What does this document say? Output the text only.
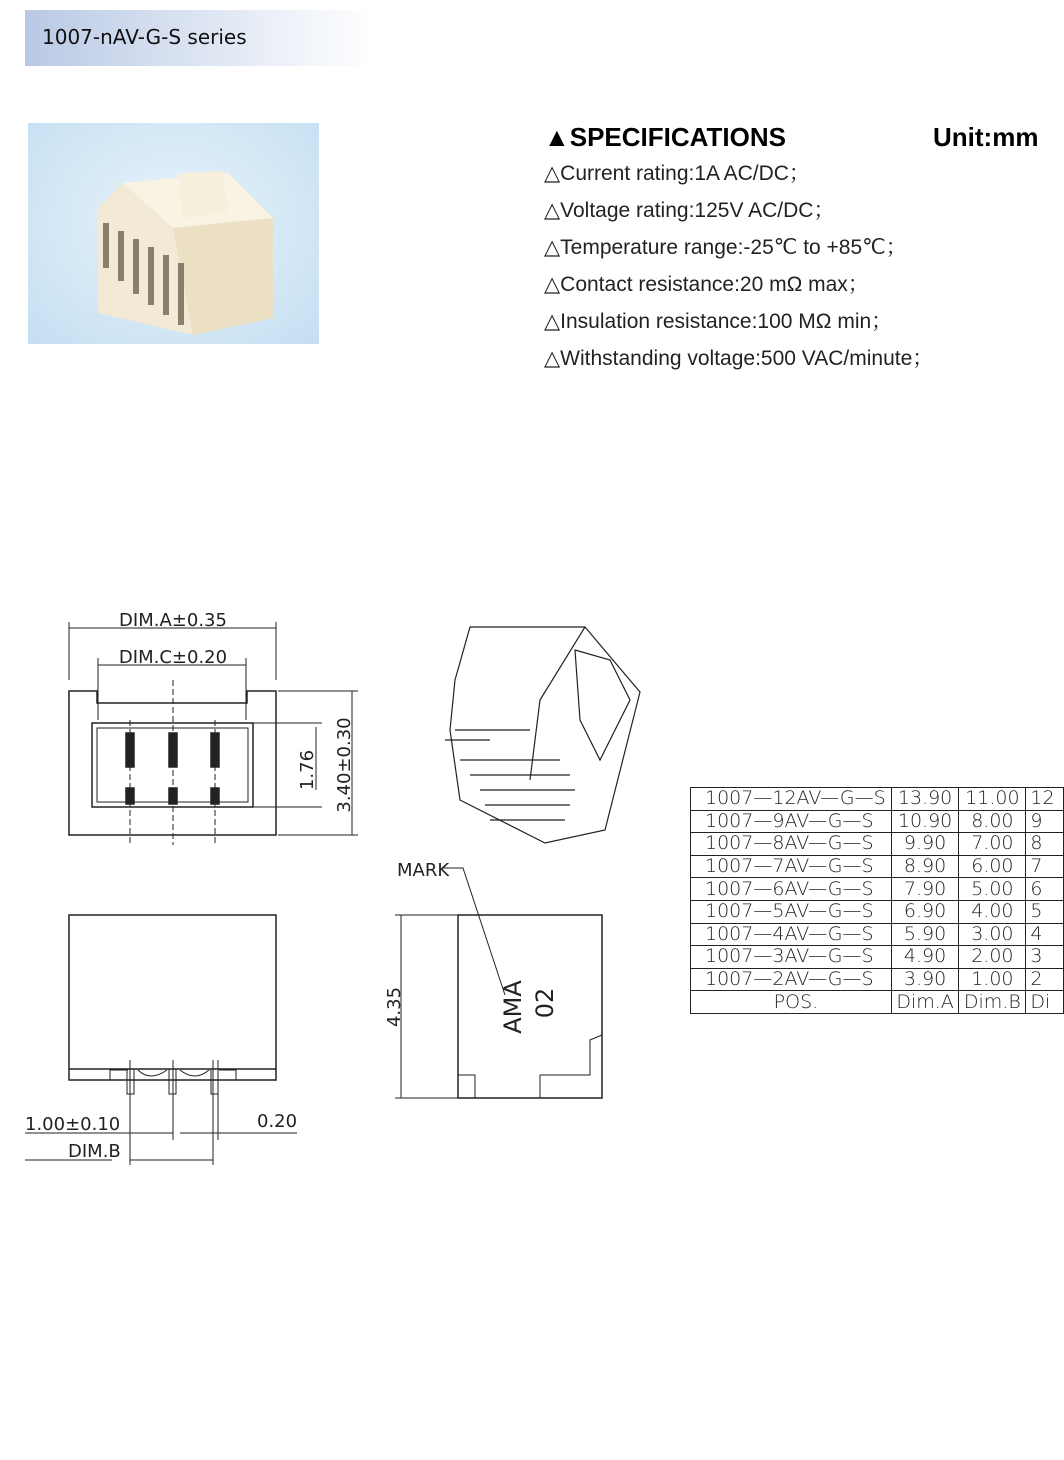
1007-nAV-G-S series
▲SPECIFICATIONS	Unit:mm
△Current rating:1A AC/DC；
△Voltage rating:125V AC/DC；
△Temperature range:-25℃ to +85℃；
△Contact resistance:20 mΩ max；
△Insulation resistance:100 MΩ min；
△Withstanding voltage:500 VAC/minute；
DIM.A±0.35
DIM.C±0.20
1.76 3.40±0.30
1.00±0.10
DIM.B
0.20
4.35
MARK
AMA 02
1007—12AV—G—S	13.90	11.00	12
1007—9AV—G—S	10.90	8.00	9
1007—8AV—G—S	9.90	7.00	8
1007—7AV—G—S	8.90	6.00	7
1007—6AV—G—S	7.90	5.00	6
1007—5AV—G—S	6.90	4.00	5
1007—4AV—G—S	5.90	3.00	4
1007—3AV—G—S	4.90	2.00	3
1007—2AV—G—S	3.90	1.00	2
POS.	Dim.A	Dim.B	Di
